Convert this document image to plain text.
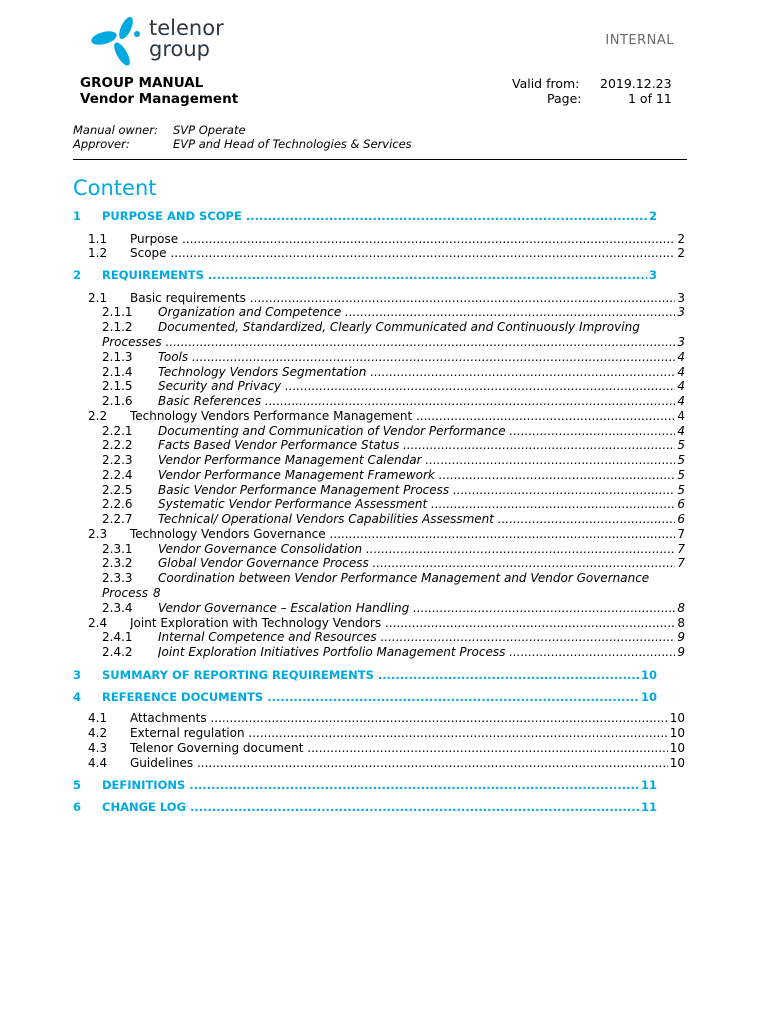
telenor
group	INTERNAL
GROUP MANUAL
Vendor Management
Valid from: 2019.12.23
Page:	1 of 11
Manual owner: SVP Operate
Approver:	EVP and Head of Technologies & Services
Content
1 PURPOSE AND SCOPE .....	2
1.1 Purpose .....	2
1.2 Scope .....	2
2 REQUIREMENTS .....	3
2.1 Basic requirements .....	3
2.1.1 Organization and Competence .....	3
2.1.2 Documented, Standardized, Clearly Communicated and Continuously Improving
Processes .....	3
2.1.3 Tools .....	4
2.1.4 Technology Vendors Segmentation .....	4
2.1.5 Security and Privacy .....	4
2.1.6 Basic References .....	4
2.2 Technology Vendors Performance Management .....	4
2.2.1 Documenting and Communication of Vendor Performance .....	4
2.2.2 Facts Based Vendor Performance Status .....	5
2.2.3 Vendor Performance Management Calendar .....	5
2.2.4 Vendor Performance Management Framework .....	5
2.2.5 Basic Vendor Performance Management Process .....	5
2.2.6 Systematic Vendor Performance Assessment .....	6
2.2.7 Technical/ Operational Vendors Capabilities Assessment .....	6
2.3 Technology Vendors Governance .....	7
2.3.1 Vendor Governance Consolidation .....	7
2.3.2 Global Vendor Governance Process .....	7
2.3.3 Coordination between Vendor Performance Management and Vendor Governance
Process 8
2.3.4 Vendor Governance – Escalation Handling .....	8
2.4 Joint Exploration with Technology Vendors .....	8
2.4.1 Internal Competence and Resources .....	9
2.4.2 Joint Exploration Initiatives Portfolio Management Process .....	9
3 SUMMARY OF REPORTING REQUIREMENTS .....	10
4 REFERENCE DOCUMENTS .....	10
4.1 Attachments .....	10
4.2 External regulation .....	10
4.3 Telenor Governing document .....	10
4.4 Guidelines .....	10
5 DEFINITIONS .....	11
6 CHANGE LOG .....	11
